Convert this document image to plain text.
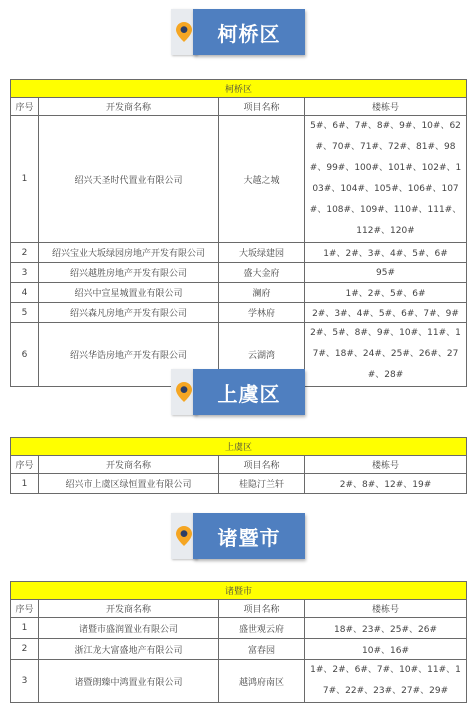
柯桥区
柯桥区			
序号	开发商名称	项目名称	楼栋号
1	绍兴天圣时代置业有限公司	大越之城	5#、6#、7#、8#、9#、10#、62#、70#、71#、72#、81#、98#、99#、100#、101#、102#、103#、104#、105#、106#、107#、108#、109#、110#、111#、112#、120#
2	绍兴宝业大坂绿园房地产开发有限公司	大坂绿建园	1#、2#、3#、4#、5#、6#
3	绍兴越胜房地产开发有限公司	盛大金府	95#
4	绍兴中宣星城置业有限公司	澜府	1#、2#、5#、6#
5	绍兴森凡房地产开发有限公司	学林府	2#、3#、4#、5#、6#、7#、9#
6	绍兴华诰房地产开发有限公司	云湖湾	2#、5#、8#、9#、10#、11#、17#、18#、24#、25#、26#、27#、28#
上虞区
上虞区			
序号	开发商名称	项目名称	楼栋号
1	绍兴市上虞区绿恒置业有限公司	桂隐汀兰轩	2#、8#、12#、19#
诸暨市
诸暨市			
序号	开发商名称	项目名称	楼栋号
1	诸暨市盛润置业有限公司	盛世观云府	18#、23#、25#、26#
2	浙江龙大富盛地产有限公司	富春园	10#、16#
3	诸暨朗臻中鸿置业有限公司	越鸿府南区	1#、2#、6#、7#、10#、11#、17#、22#、23#、27#、29#
